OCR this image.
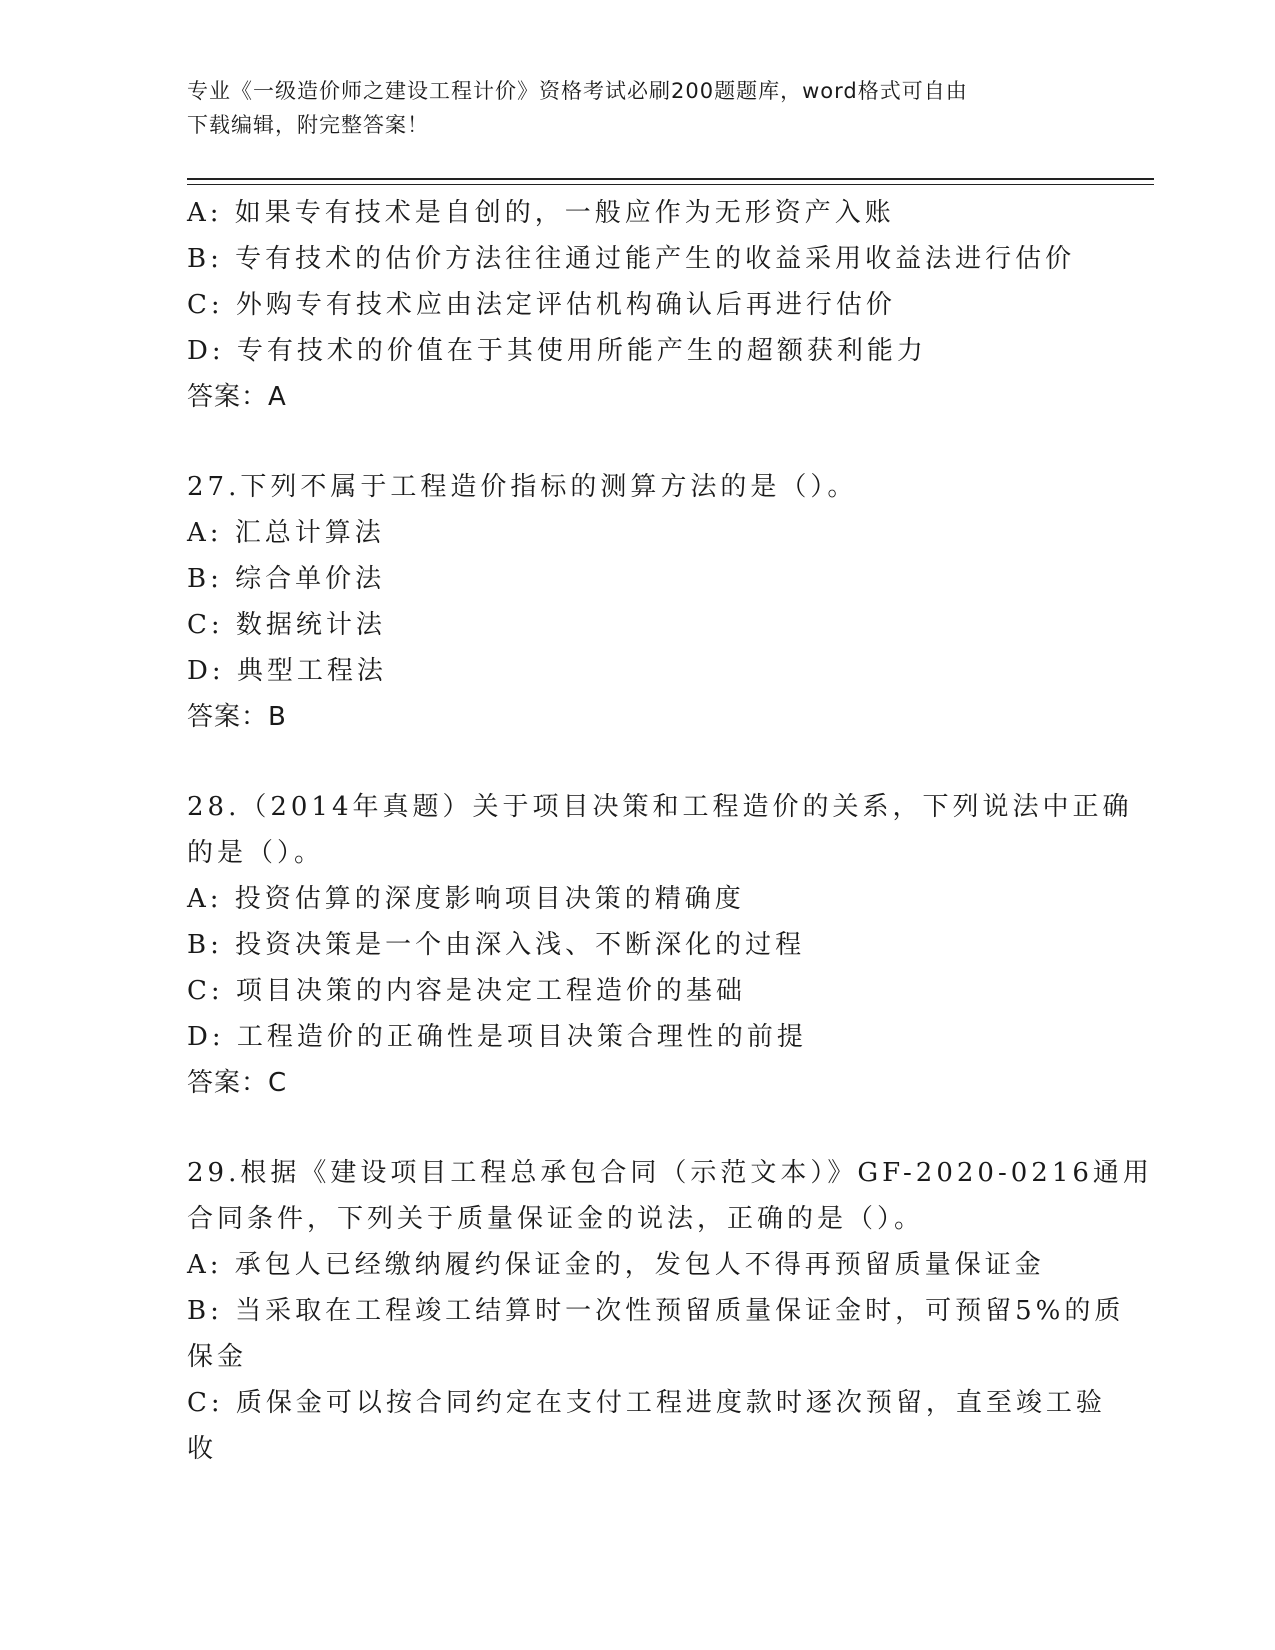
专业《一级造价师之建设工程计价》资格考试必刷200题题库，word格式可自由
下载编辑，附完整答案！
A: 如果专有技术是自创的，一般应作为无形资产入账
B: 专有技术的估价方法往往通过能产生的收益采用收益法进行估价
C: 外购专有技术应由法定评估机构确认后再进行估价
D: 专有技术的价值在于其使用所能产生的超额获利能力
答案：A
27.下列不属于工程造价指标的测算方法的是（）。
A: 汇总计算法
B: 综合单价法
C: 数据统计法
D: 典型工程法
答案：B
28.（2014年真题）关于项目决策和工程造价的关系，下列说法中正确
的是（）。
A: 投资估算的深度影响项目决策的精确度
B: 投资决策是一个由深入浅、不断深化的过程
C: 项目决策的内容是决定工程造价的基础
D: 工程造价的正确性是项目决策合理性的前提
答案：C
29.根据《建设项目工程总承包合同（示范文本）》GF-2020-0216通用
合同条件，下列关于质量保证金的说法，正确的是（）。
A: 承包人已经缴纳履约保证金的，发包人不得再预留质量保证金
B: 当采取在工程竣工结算时一次性预留质量保证金时，可预留5%的质
保金
C: 质保金可以按合同约定在支付工程进度款时逐次预留，直至竣工验
收
